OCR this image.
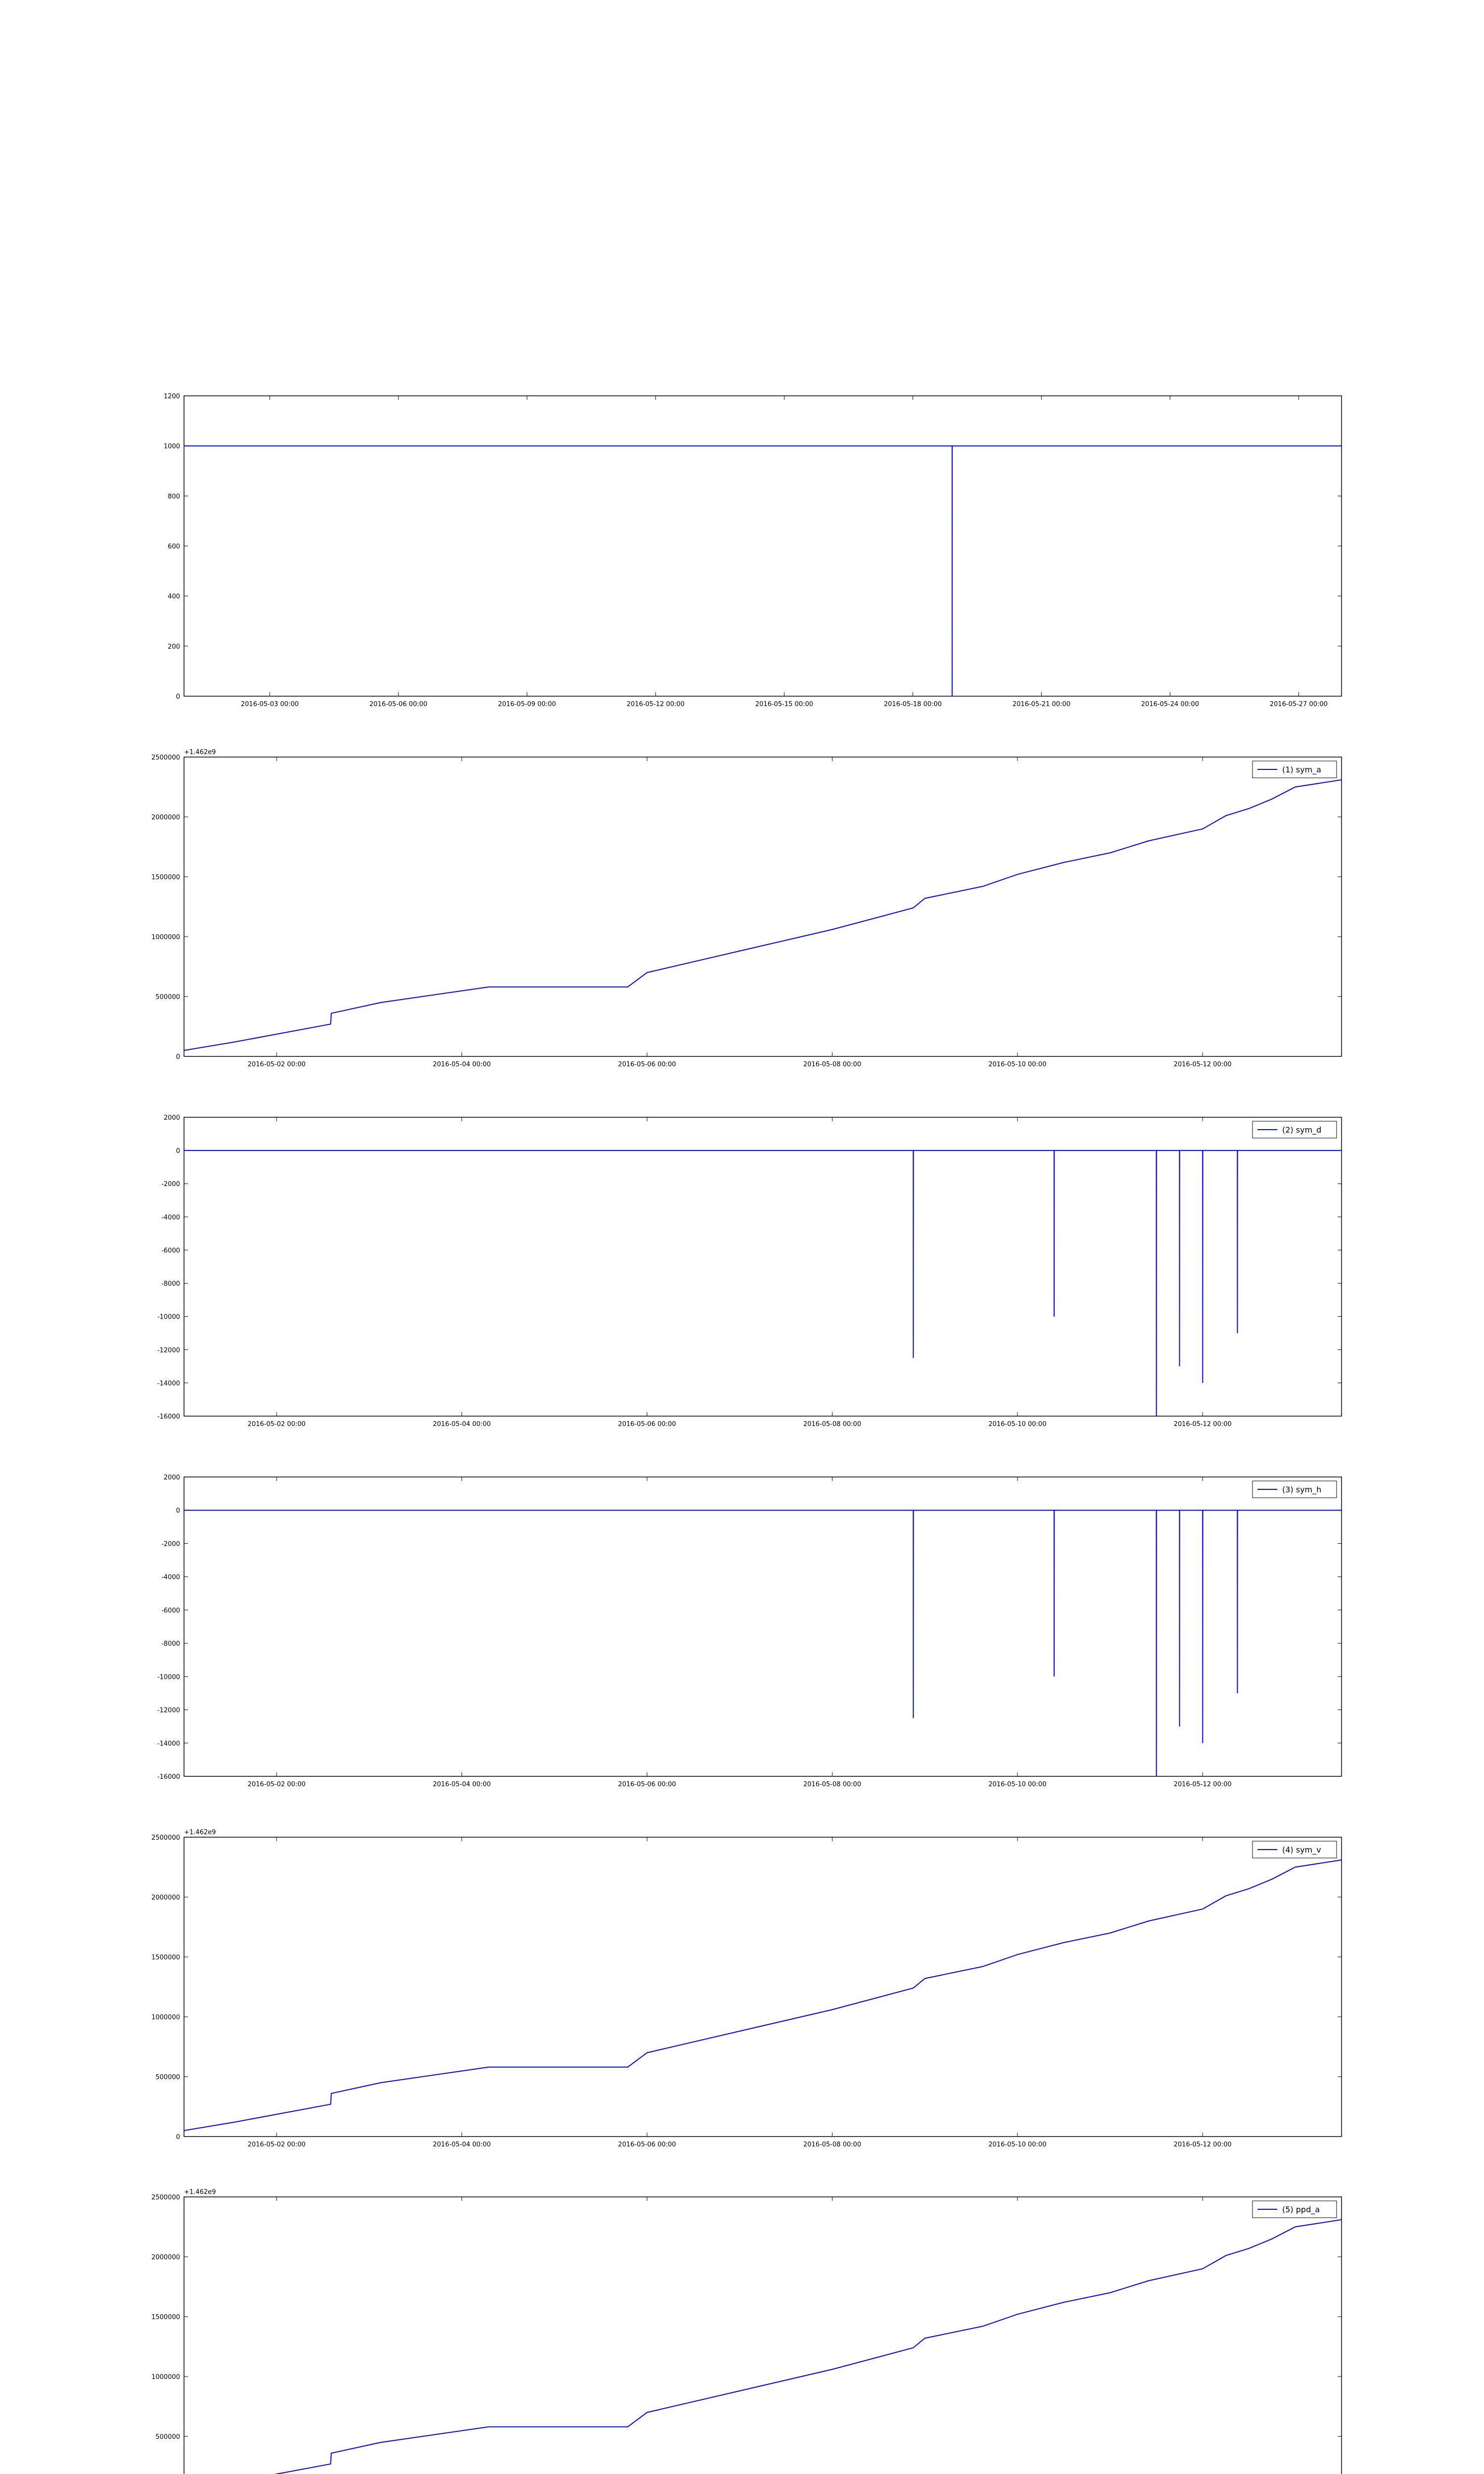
0
200
400
600
800
1000
1200
2016-05-03 00:00	2016-05-06 00:00	2016-05-09 00:00	2016-05-12 00:00	2016-05-15 00:00	2016-05-18 00:00	2016-05-21 00:00	2016-05-24 00:00	2016-05-27 00:00
0
500000
1000000
1500000
2000000
2500000
2016-05-02 00:00	2016-05-04 00:00	2016-05-06 00:00	2016-05-08 00:00	2016-05-10 00:00	2016-05-12 00:00
+1.462e9
(1) sym_a
-16000
-14000
-12000
-10000
-8000
-6000
-4000
-2000
0
2000
2016-05-02 00:00	2016-05-04 00:00	2016-05-06 00:00	2016-05-08 00:00	2016-05-10 00:00	2016-05-12 00:00
(2) sym_d
-16000
-14000
-12000
-10000
-8000
-6000
-4000
-2000
0
2000
2016-05-02 00:00	2016-05-04 00:00	2016-05-06 00:00	2016-05-08 00:00	2016-05-10 00:00	2016-05-12 00:00
(3) sym_h
0
500000
1000000
1500000
2000000
2500000
2016-05-02 00:00	2016-05-04 00:00	2016-05-06 00:00	2016-05-08 00:00	2016-05-10 00:00	2016-05-12 00:00
+1.462e9
(4) sym_v
500000
1000000
1500000
2000000
2500000
+1.462e9
(5) ppd_a
